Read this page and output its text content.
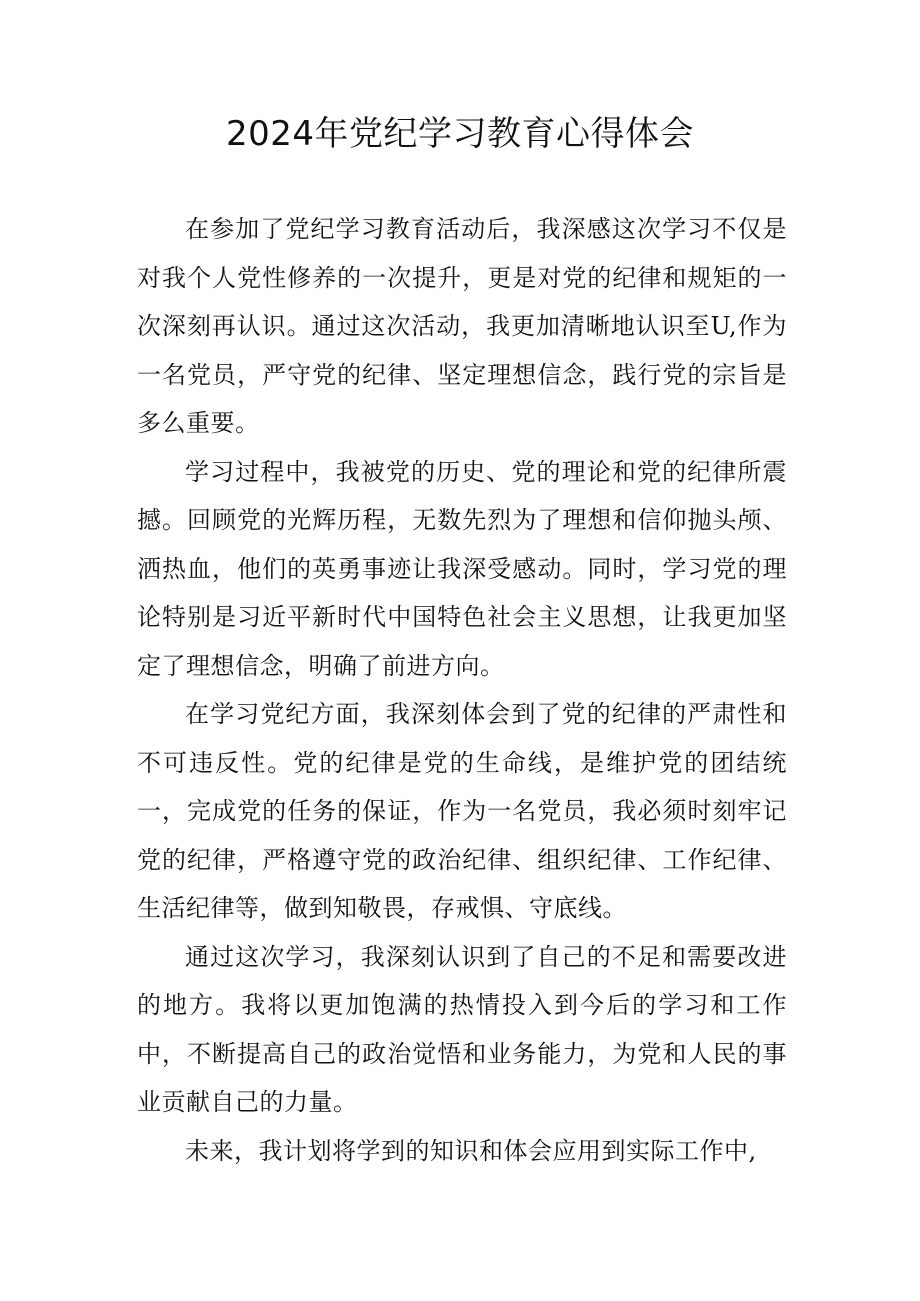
2024年党纪学习教育心得体会

在参加了党纪学习教育活动后，我深感这次学习不仅是对我个人党性修养的一次提升，更是对党的纪律和规矩的一次深刻再认识。通过这次活动，我更加清晰地认识至U,作为一名党员，严守党的纪律、坚定理想信念，践行党的宗旨是多么重要。

学习过程中，我被党的历史、党的理论和党的纪律所震撼。回顾党的光辉历程，无数先烈为了理想和信仰抛头颅、洒热血，他们的英勇事迹让我深受感动。同时，学习党的理论特别是习近平新时代中国特色社会主义思想，让我更加坚定了理想信念，明确了前进方向。

在学习党纪方面，我深刻体会到了党的纪律的严肃性和不可违反性。党的纪律是党的生命线，是维护党的团结统一，完成党的任务的保证，作为一名党员，我必须时刻牢记党的纪律，严格遵守党的政治纪律、组织纪律、工作纪律、生活纪律等，做到知敬畏，存戒惧、守底线。

通过这次学习，我深刻认识到了自己的不足和需要改进的地方。我将以更加饱满的热情投入到今后的学习和工作中，不断提高自己的政治觉悟和业务能力，为党和人民的事业贡献自己的力量。

未来，我计划将学到的知识和体会应用到实际工作中,
